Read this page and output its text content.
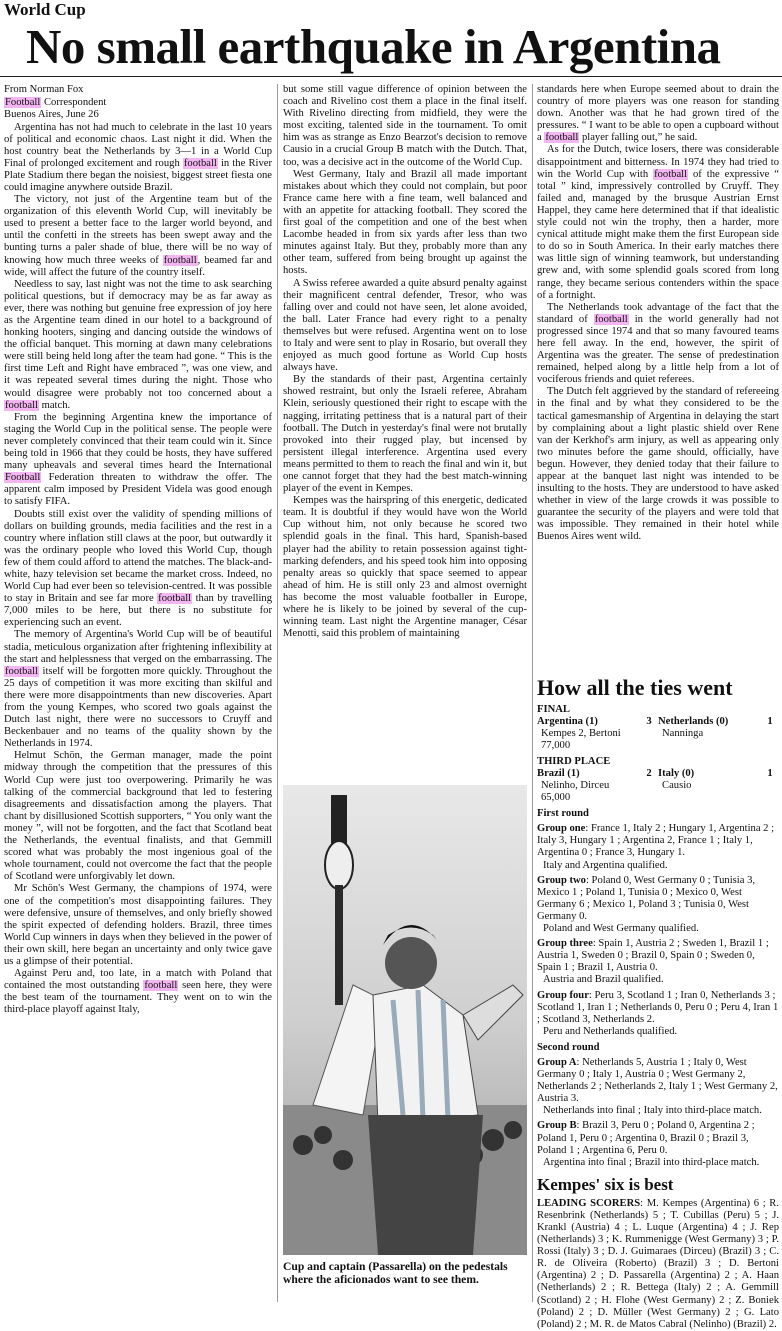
World Cup
No small earthquake in Argentina
From Norman Fox
Football Correspondent
Buenos Aires, June 26

Argentina has not had much to celebrate in the last 10 years of political and economic chaos. Last night it did. When the host country beat the Netherlands by 3—1 in a World Cup Final of prolonged excitement and rough football in the River Plate Stadium there began the noisiest, biggest street fiesta one could imagine anywhere outside Brazil.

The victory, not just of the Argentine team but of the organization of this eleventh World Cup, will inevitably be used to present a better face to the larger world beyond, and until the confetti in the streets has been swept away and the bunting turns a paler shade of blue, there will be no way of knowing how much three weeks of football, beamed far and wide, will affect the future of the country itself.

Needless to say, last night was not the time to ask searching political questions, but if democracy may be as far away as ever, there was nothing but genuine free expression of joy here as the Argentine team dined in our hotel to a background of honking hooters, singing and dancing outside the windows of the official banquet. This morning at dawn many celebrations were still being held long after the team had gone. “ This is the first time Left and Right have embraced ”, was one view, and it was repeated several times during the night. Those who would disagree were probably not too concerned about a football match.

From the beginning Argentina knew the importance of staging the World Cup in the political sense. The people were never completely convinced that their team could win it. Since being told in 1966 that they could be hosts, they have suffered many upheavals and several times heard the International Football Federation threaten to withdraw the offer. The apparent calm imposed by President Videla was good enough to satisfy FIFA.

Doubts still exist over the validity of spending millions of dollars on building grounds, media facilities and the rest in a country where inflation still claws at the poor, but outwardly it was the ordinary people who loved this World Cup, though few of them could afford to attend the matches. The black-and-white, hazy television set became the market cross. Indeed, no World Cup had ever been so television-centred. It was possible to stay in Britain and see far more football than by travelling 7,000 miles to be here, but there is no substitute for experiencing such an event.

The memory of Argentina's World Cup will be of beautiful stadia, meticulous organization after frightening inflexibility at the start and helplessness that verged on the embarrassing. The football itself will be forgotten more quickly. Throughout the 25 days of competition it was more exciting than skilful and there were more disappointments than new discoveries. Apart from the young Kempes, who scored two goals against the Dutch last night, there were no successors to Cruyff and Beckenbauer and no teams of the quality shown by the Netherlands in 1974.

Helmut Schön, the German manager, made the point midway through the competition that the pressures of this World Cup were just too overpowering. Primarily he was talking of the commercial background that led to festering disagreements and dissatisfaction among the players. That chant by disillusioned Scottish supporters, “ You only want the money ”, will not be forgotten, and the fact that Scotland beat the Netherlands, the eventual finalists, and that Gemmill scored what was probably the most ingenious goal of the whole tournament, could not overcome the fact that the people of Scotland were unforgivably let down.

Mr Schön's West Germany, the champions of 1974, were one of the competition's most disappointing failures. They were defensive, unsure of themselves, and only briefly showed the spirit expected of defending holders. Brazil, three times World Cup winners in days when they believed in the power of their own skill, here began an uncertainty and only twice gave us a glimpse of their potential.

Against Peru and, too late, in a match with Poland that contained the most outstanding football seen here, they were the best team of the tournament. They went on to win the third-place playoff against Italy,

but some still vague difference of opinion between the coach and Rivelino cost them a place in the final itself. With Rivelino directing from midfield, they were the most exciting, talented side in the tournament. To omit him was as strange as Enzo Bearzot's decision to remove Causio in a crucial Group B match with the Dutch. That, too, was a decisive act in the outcome of the World Cup.

West Germany, Italy and Brazil all made important mistakes about which they could not complain, but poor France came here with a fine team, well balanced and with an appetite for attacking football. They scored the first goal of the competition and one of the best when Lacombe headed in from six yards after less than two minutes against Italy. But they, probably more than any other team, suffered from being brought up against the hosts.

A Swiss referee awarded a quite absurd penalty against their magnificent central defender, Tresor, who was falling over and could not have seen, let alone avoided, the ball. Later France had every right to a penalty themselves but were refused. Argentina went on to lose to Italy and were sent to play in Rosario, but overall they enjoyed as much good fortune as World Cup hosts always have.

By the standards of their past, Argentina certainly showed restraint, but only the Israeli referee, Abraham Klein, seriously questioned their right to escape with the nagging, irritating pettiness that is a natural part of their football. The Dutch in yesterday's final were not brutally provoked into their rugged play, but incensed by persistent illegal interference. Argentina used every means permitted to them to reach the final and win it, but one cannot forget that they had the best match-winning player of the event in Kempes.

Kempes was the hairspring of this energetic, dedicated team. It is doubtful if they would have won the World Cup without him, not only because he scored two splendid goals in the final. This hard, Spanish-based player had the ability to retain possession against tight-marking defenders, and his speed took him into opposing penalty areas so quickly that space seemed to appear ahead of him. He is still only 23 and almost overnight has become the most valuable footballer in Europe, where he is likely to be joined by several of the cup-winning team. Last night the Argentine manager, César Menotti, said this problem of maintaining

Cup and captain (Passarella) on the pedestals where the aficionados want to see them.

standards here when Europe seemed about to drain the country of more players was one reason for standing down. Another was that he had grown tired of the pressures. “ I want to be able to open a cupboard without a football player falling out,” he said.

As for the Dutch, twice losers, there was considerable disappointment and bitterness. In 1974 they had tried to win the World Cup with football of the expressive “ total ” kind, impressively controlled by Cruyff. They failed and, managed by the brusque Austrian Ernst Happel, they came here determined that if that idealistic style could not win the trophy, then a harder, more cynical attitude might make them the first European side to do so in South America. In their early matches there was little sign of winning teamwork, but understanding grew and, with some splendid goals scored from long range, they became serious contenders within the space of a fortnight.

The Netherlands took advantage of the fact that the standard of football in the world generally had not progressed since 1974 and that so many favoured teams here fell away. In the end, however, the spirit of Argentina was the greater. The sense of predestination remained, helped along by a little help from a lot of vociferous friends and quiet referees.

The Dutch felt aggrieved by the standard of refereeing in the final and by what they considered to be the tactical gamesmanship of Argentina in delaying the start by complaining about a light plastic shield over Rene van der Kerkhof's arm injury, as well as appearing only two minutes before the game should, officially, have begun. However, they denied today that their failure to appear at the banquet last night was intended to be insulting to the hosts. They are understood to have asked whether in view of the large crowds it was possible to guarantee the security of the players and were told that was impossible. They remained in their hotel while Buenos Aires went wild.

How all the ties went
FINAL
Argentina (1)	3 Netherlands (0)	1
Kempes 2, Bertoni	Nanninga
77,000
THIRD PLACE
Brazil (1)	2 Italy (0)	1
Nelinho, Dirceu	Causio
65,000
First round
Group one: France 1, Italy 2 ; Hungary 1, Argentina 2 ; Italy 3, Hungary 1 ; Argentina 2, France 1 ; Italy 1, Argentina 0 ; France 3, Hungary 1.
Italy and Argentina qualified.
Group two: Poland 0, West Germany 0 ; Tunisia 3, Mexico 1 ; Poland 1, Tunisia 0 ; Mexico 0, West Germany 6 ; Mexico 1, Poland 3 ; Tunisia 0, West Germany 0.
Poland and West Germany qualified.
Group three: Spain 1, Austria 2 ; Sweden 1, Brazil 1 ; Austria 1, Sweden 0 ; Brazil 0, Spain 0 ; Sweden 0, Spain 1 ; Brazil 1, Austria 0.
Austria and Brazil qualified.
Group four: Peru 3, Scotland 1 ; Iran 0, Netherlands 3 ; Scotland 1, Iran 1 ; Netherlands 0, Peru 0 ; Peru 4, Iran 1 ; Scotland 3, Netherlands 2.
Peru and Netherlands qualified.
Second round
Group A: Netherlands 5, Austria 1 ; Italy 0, West Germany 0 ; Italy 1, Austria 0 ; West Germany 2, Netherlands 2 ; Netherlands 2, Italy 1 ; West Germany 2, Austria 3.
Netherlands into final ; Italy into third-place match.
Group B: Brazil 3, Peru 0 ; Poland 0, Argentina 2 ; Poland 1, Peru 0 ; Argentina 0, Brazil 0 ; Brazil 3, Poland 1 ; Argentina 6, Peru 0.
Argentina into final ; Brazil into third-place match.
Kempes' six is best
LEADING SCORERS: M. Kempes (Argentina) 6 ; R. Resenbrink (Netherlands) 5 ; T. Cubillas (Peru) 5 ; J. Krankl (Austria) 4 ; L. Luque (Argentina) 4 ; J. Rep (Netherlands) 3 ; K. Rummenigge (West Germany) 3 ; P. Rossi (Italy) 3 ; D. J. Guimaraes (Dirceu) (Brazil) 3 ; C. R. de Oliveira (Roberto) (Brazil) 3 ; D. Bertoni (Argentina) 2 ; D. Passarella (Argentina) 2 ; A. Haan (Netherlands) 2 ; R. Bettega (Italy) 2 ; A. Gemmill (Scotland) 2 ; H. Flohe (West Germany) 2 ; Z. Boniek (Poland) 2 ; D. Müller (West Germany) 2 ; G. Lato (Poland) 2 ; M. R. de Matos Cabral (Nelinho) (Brazil) 2.
